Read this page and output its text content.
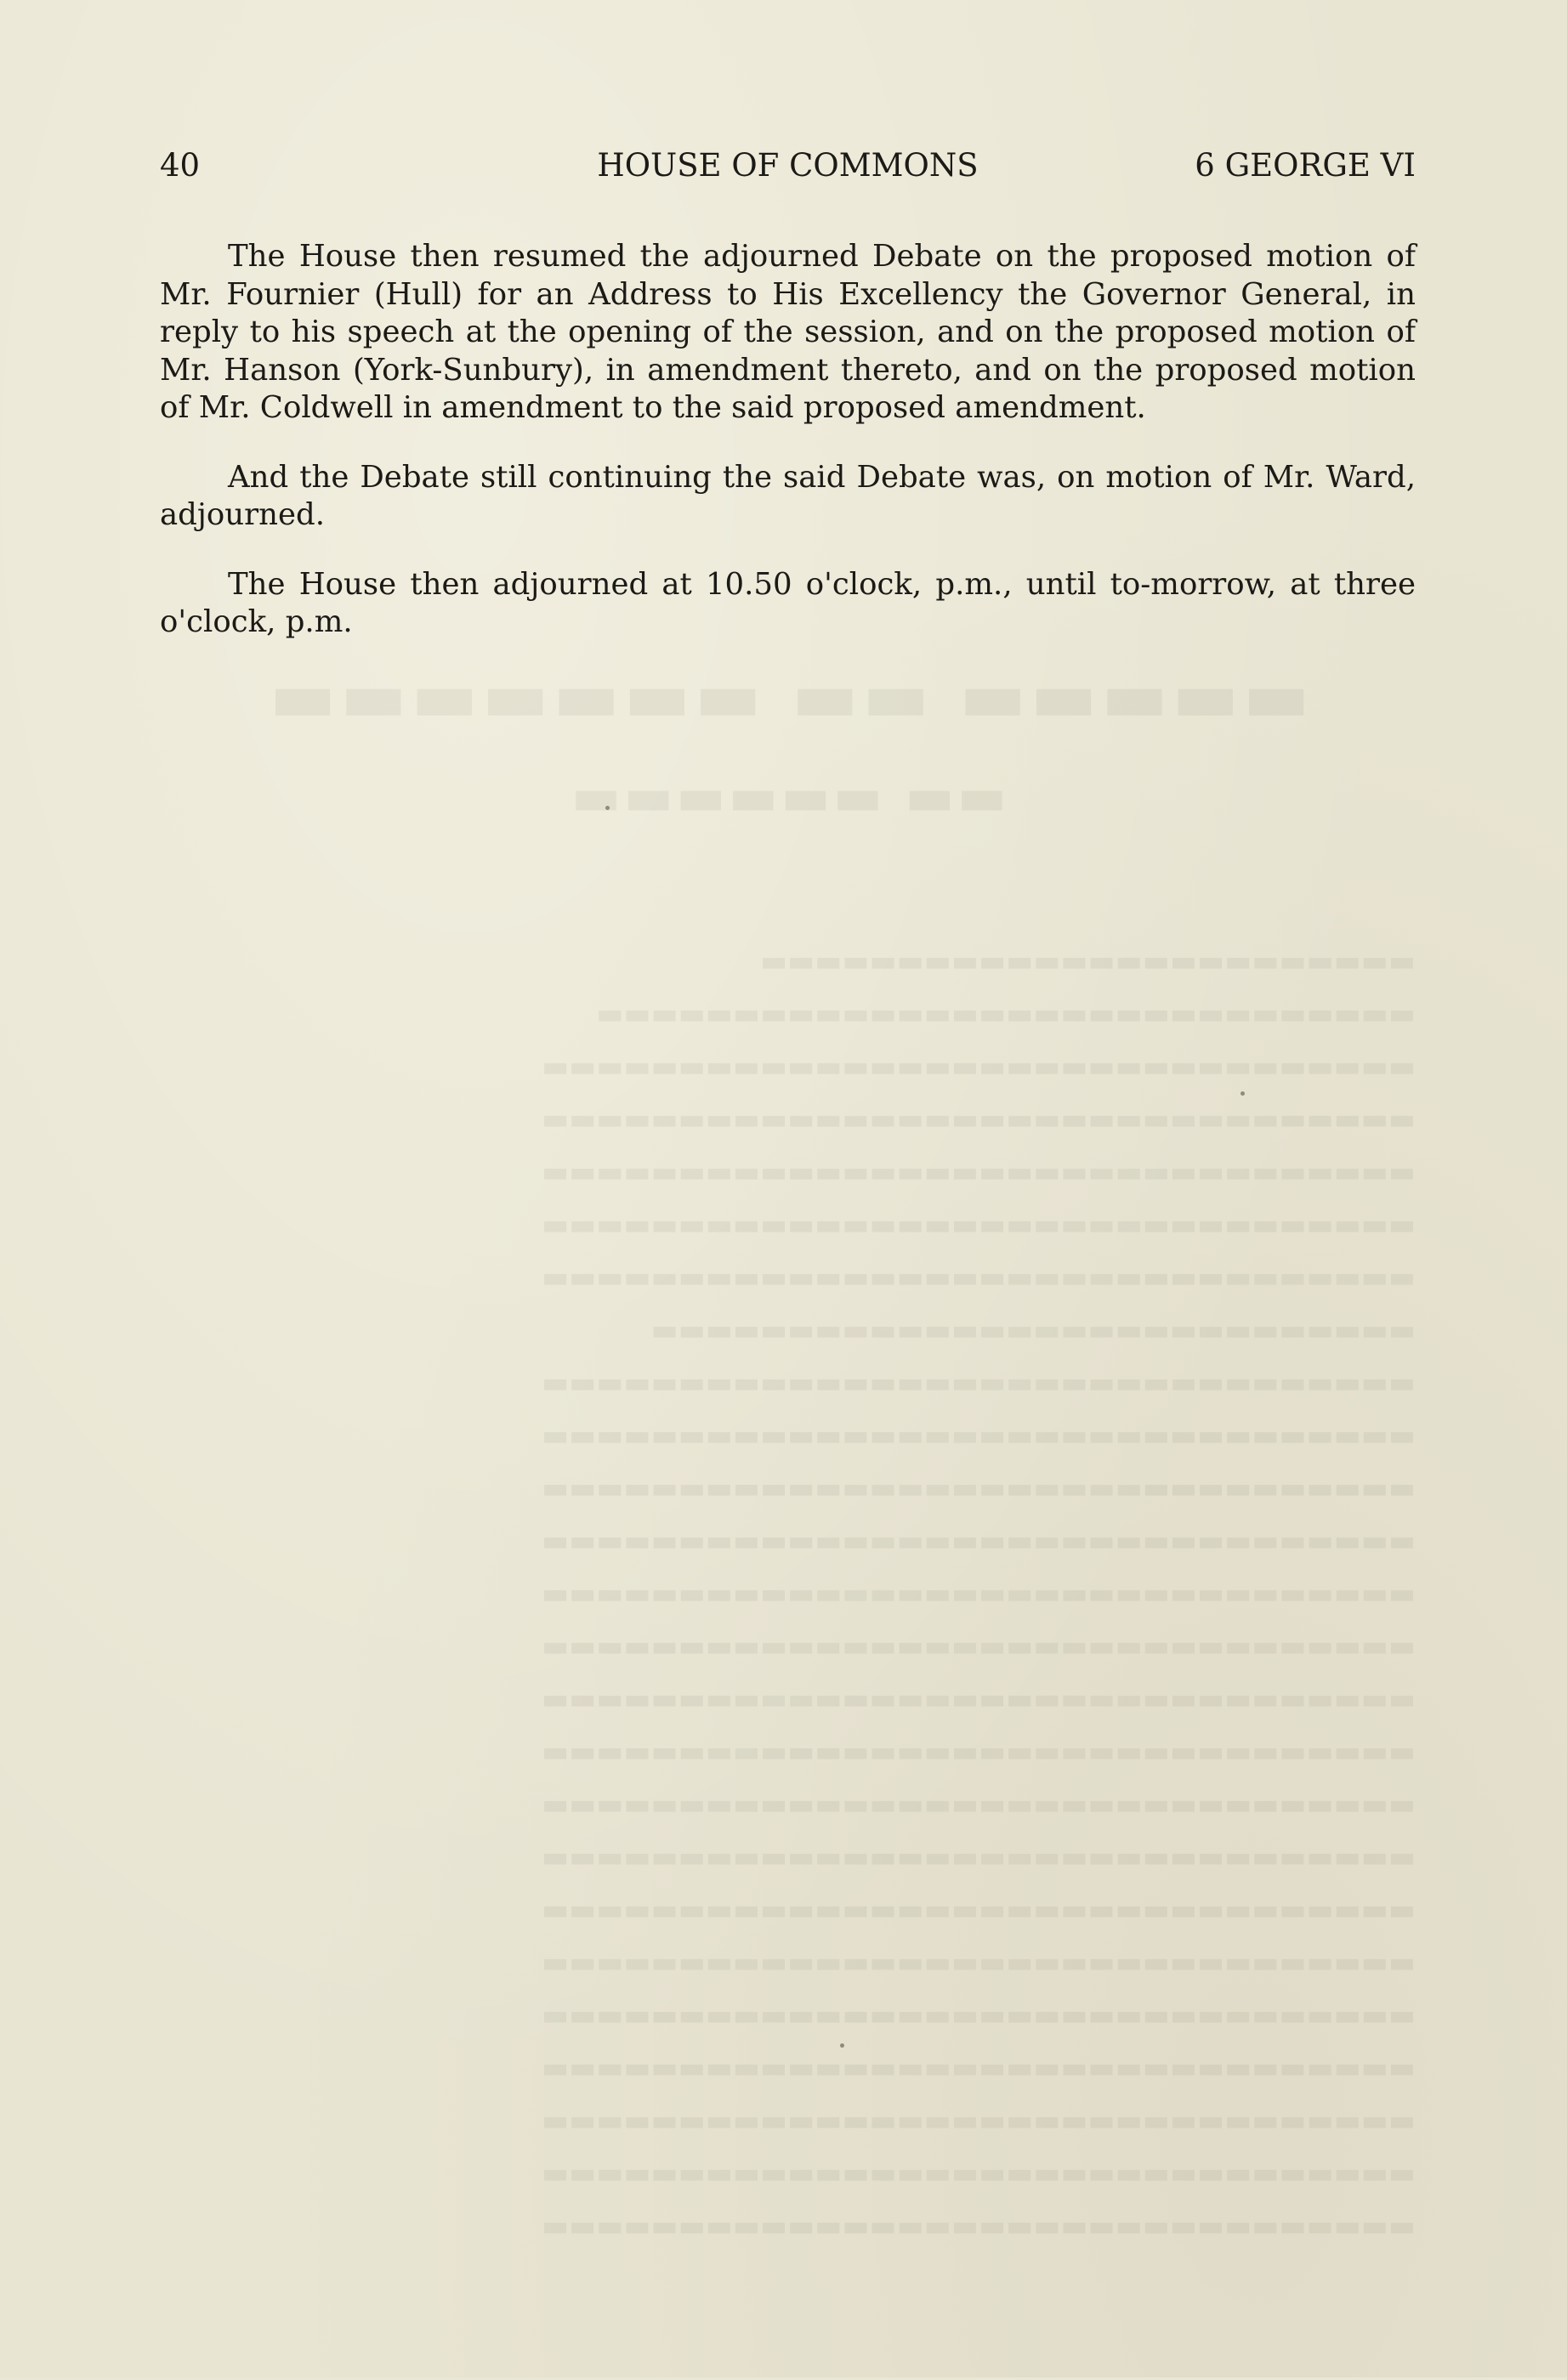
▬▬▬▬▬ ▬▬ ▬▬▬▬▬▬▬
▬▬ ▬▬▬▬▬▬
▬▬▬▬▬▬▬▬▬▬▬▬▬▬▬▬▬▬▬▬▬▬▬▬
▬▬▬▬▬▬▬▬▬▬▬▬▬▬▬▬▬▬▬▬▬▬▬▬▬▬▬▬▬▬
▬▬▬▬▬▬▬▬▬▬▬▬▬▬▬▬▬▬▬▬▬▬▬▬▬▬▬▬▬▬▬▬
▬▬▬▬▬▬▬▬▬▬▬▬▬▬▬▬▬▬▬▬▬▬▬▬▬▬▬▬▬▬▬▬
▬▬▬▬▬▬▬▬▬▬▬▬▬▬▬▬▬▬▬▬▬▬▬▬▬▬▬▬▬▬▬▬
▬▬▬▬▬▬▬▬▬▬▬▬▬▬▬▬▬▬▬▬▬▬▬▬▬▬▬▬▬▬▬▬
▬▬▬▬▬▬▬▬▬▬▬▬▬▬▬▬▬▬▬▬▬▬▬▬▬▬▬▬▬▬▬▬
▬▬▬▬▬▬▬▬▬▬▬▬▬▬▬▬▬▬▬▬▬▬▬▬▬▬▬▬
▬▬▬▬▬▬▬▬▬▬▬▬▬▬▬▬▬▬▬▬▬▬▬▬▬▬▬▬▬▬▬▬
▬▬▬▬▬▬▬▬▬▬▬▬▬▬▬▬▬▬▬▬▬▬▬▬▬▬▬▬▬▬▬▬
▬▬▬▬▬▬▬▬▬▬▬▬▬▬▬▬▬▬▬▬▬▬▬▬▬▬▬▬▬▬▬▬
▬▬▬▬▬▬▬▬▬▬▬▬▬▬▬▬▬▬▬▬▬▬▬▬▬▬▬▬▬▬▬▬
▬▬▬▬▬▬▬▬▬▬▬▬▬▬▬▬▬▬▬▬▬▬▬▬▬▬▬▬▬▬▬▬
▬▬▬▬▬▬▬▬▬▬▬▬▬▬▬▬▬▬▬▬▬▬▬▬▬▬▬▬▬▬▬▬
▬▬▬▬▬▬▬▬▬▬▬▬▬▬▬▬▬▬▬▬▬▬▬▬▬▬▬▬▬▬▬▬
▬▬▬▬▬▬▬▬▬▬▬▬▬▬▬▬▬▬▬▬▬▬▬▬▬▬▬▬▬▬▬▬
▬▬▬▬▬▬▬▬▬▬▬▬▬▬▬▬▬▬▬▬▬▬▬▬▬▬▬▬▬▬▬▬
▬▬▬▬▬▬▬▬▬▬▬▬▬▬▬▬▬▬▬▬▬▬▬▬▬▬▬▬▬▬▬▬
▬▬▬▬▬▬▬▬▬▬▬▬▬▬▬▬▬▬▬▬▬▬▬▬▬▬▬▬▬▬▬▬
▬▬▬▬▬▬▬▬▬▬▬▬▬▬▬▬▬▬▬▬▬▬▬▬▬▬▬▬▬▬▬▬
▬▬▬▬▬▬▬▬▬▬▬▬▬▬▬▬▬▬▬▬▬▬▬▬▬▬▬▬▬▬▬▬
▬▬▬▬▬▬▬▬▬▬▬▬▬▬▬▬▬▬▬▬▬▬▬▬▬▬▬▬▬▬▬▬
▬▬▬▬▬▬▬▬▬▬▬▬▬▬▬▬▬▬▬▬▬▬▬▬▬▬▬▬▬▬▬▬
▬▬▬▬▬▬▬▬▬▬▬▬▬▬▬▬▬▬▬▬▬▬▬▬▬▬▬▬▬▬▬▬
▬▬▬▬▬▬▬▬▬▬▬▬▬▬▬▬▬▬▬▬▬▬▬▬▬▬▬▬▬▬▬▬

40	HOUSE OF COMMONS	6 GEORGE VI

The House then resumed the adjourned Debate on the proposed motion of Mr. Fournier (Hull) for an Address to His Excellency the Governor General, in reply to his speech at the opening of the session, and on the proposed motion of Mr. Hanson (York-Sunbury), in amendment thereto, and on the proposed motion of Mr. Coldwell in amendment to the said proposed amendment.

And the Debate still continuing the said Debate was, on motion of Mr. Ward, adjourned.

The House then adjourned at 10.50 o'clock, p.m., until to-morrow, at three o'clock, p.m.
